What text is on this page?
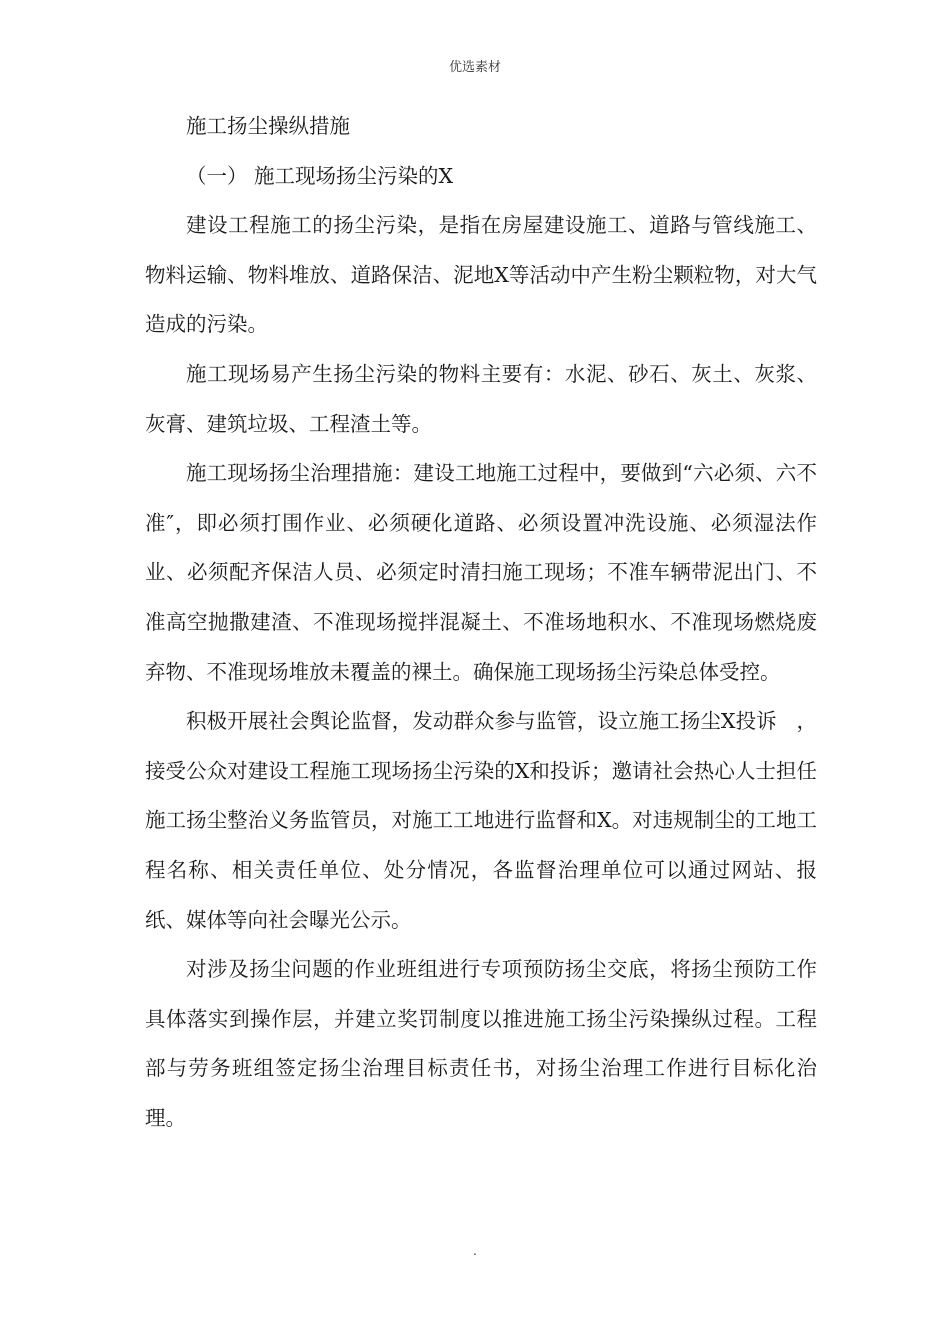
优选素材

施工扬尘操纵措施

（一） 施工现场扬尘污染的X

建设工程施工的扬尘污染，是指在房屋建设施工、道路与管线施工、物料运输、物料堆放、道路保洁、泥地X等活动中产生粉尘颗粒物，对大气造成的污染。

施工现场易产生扬尘污染的物料主要有：水泥、砂石、灰土、灰浆、灰膏、建筑垃圾、工程渣土等。

施工现场扬尘治理措施：建设工地施工过程中，要做到“六必须、六不准″，即必须打围作业、必须硬化道路、必须设置冲洗设施、必须湿法作业、必须配齐保洁人员、必须定时清扫施工现场；不准车辆带泥出门、不准高空抛撒建渣、不准现场搅拌混凝土、不准场地积水、不准现场燃烧废弃物、不准现场堆放未覆盖的裸土。确保施工现场扬尘污染总体受控。

积极开展社会舆论监督，发动群众参与监管，设立施工扬尘X投诉   ，接受公众对建设工程施工现场扬尘污染的X和投诉；邀请社会热心人士担任施工扬尘整治义务监管员，对施工工地进行监督和X。对违规制尘的工地工程名称、相关责任单位、处分情况，各监督治理单位可以通过网站、报纸、媒体等向社会曝光公示。

对涉及扬尘问题的作业班组进行专项预防扬尘交底，将扬尘预防工作具体落实到操作层，并建立奖罚制度以推进施工扬尘污染操纵过程。工程部与劳务班组签定扬尘治理目标责任书，对扬尘治理工作进行目标化治理。

.
